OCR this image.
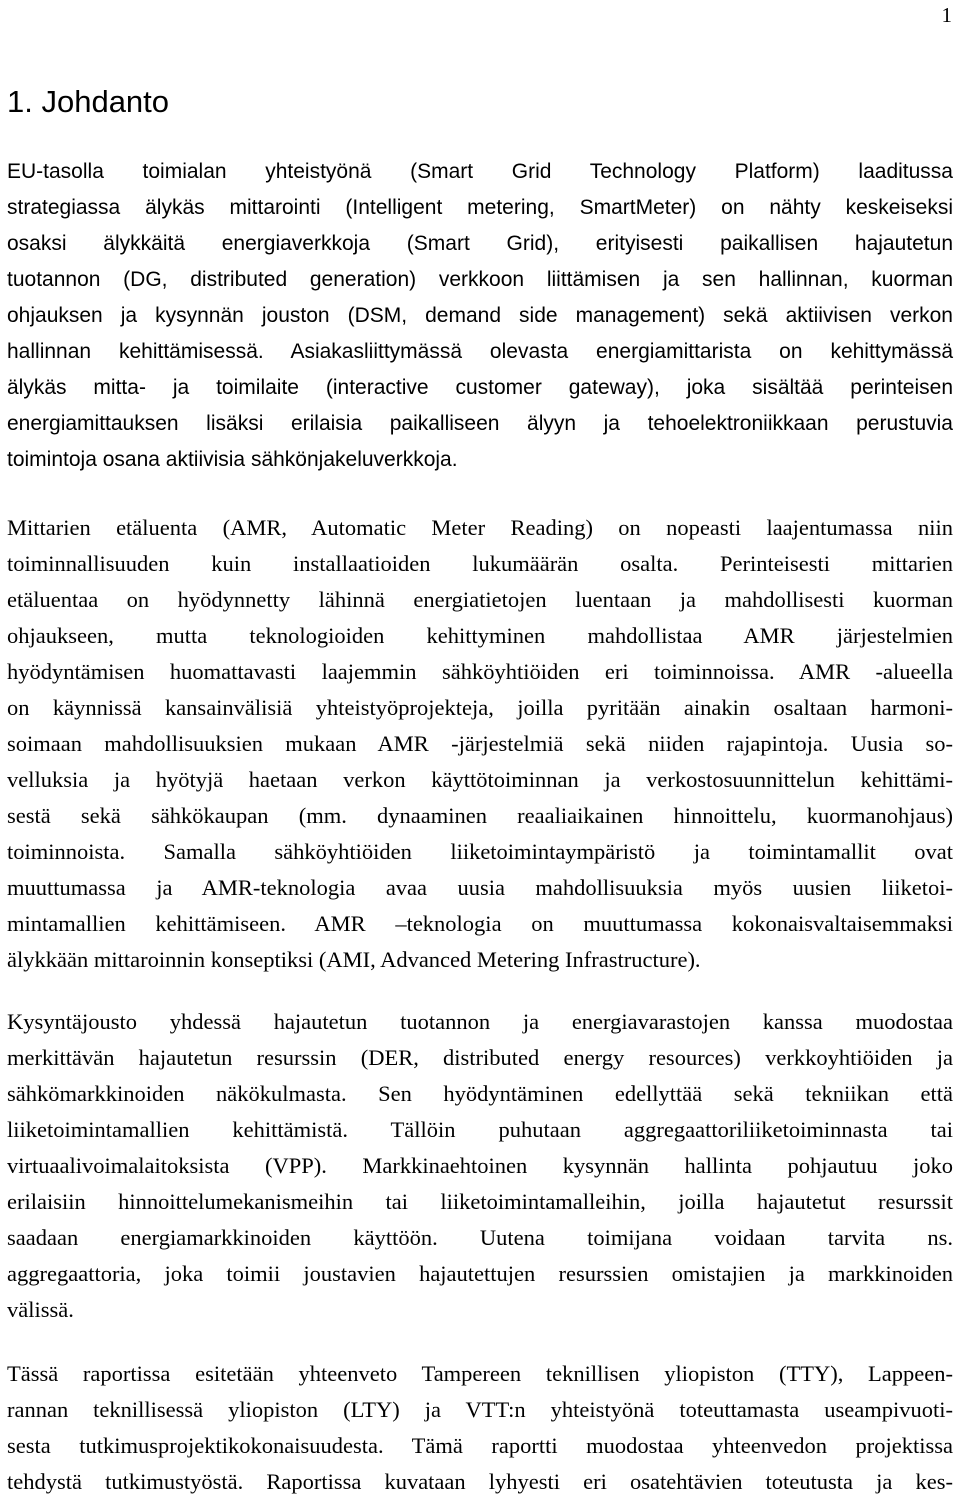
1
1. Johdanto
EU-tasolla toimialan yhteistyönä (Smart Grid Technology Platform) laaditussa
strategiassa älykäs mittarointi (Intelligent metering, SmartMeter) on nähty keskeiseksi
osaksi älykkäitä energiaverkkoja (Smart Grid), erityisesti paikallisen hajautetun
tuotannon (DG, distributed generation) verkkoon liittämisen ja sen hallinnan, kuorman
ohjauksen ja kysynnän jouston (DSM, demand side management) sekä aktiivisen verkon
hallinnan kehittämisessä. Asiakasliittymässä olevasta energiamittarista on kehittymässä
älykäs mitta- ja toimilaite (interactive customer gateway), joka sisältää perinteisen
energiamittauksen lisäksi erilaisia paikalliseen älyyn ja tehoelektroniikkaan perustuvia
toimintoja osana aktiivisia sähkönjakeluverkkoja.
Mittarien etäluenta (AMR, Automatic Meter Reading) on nopeasti laajentumassa niin
toiminnallisuuden kuin installaatioiden lukumäärän osalta. Perinteisesti mittarien
etäluentaa on hyödynnetty lähinnä energiatietojen luentaan ja mahdollisesti kuorman
ohjaukseen, mutta teknologioiden kehittyminen mahdollistaa AMR järjestelmien
hyödyntämisen huomattavasti laajemmin sähköyhtiöiden eri toiminnoissa. AMR -alueella
on käynnissä kansainvälisiä yhteistyöprojekteja, joilla pyritään ainakin osaltaan harmoni-
soimaan mahdollisuuksien mukaan AMR -järjestelmiä sekä niiden rajapintoja. Uusia so-
velluksia ja hyötyjä haetaan verkon käyttötoiminnan ja verkostosuunnittelun kehittämi-
sestä sekä sähkökaupan (mm. dynaaminen reaaliaikainen hinnoittelu, kuormanohjaus)
toiminnoista. Samalla sähköyhtiöiden liiketoimintaympäristö ja toimintamallit ovat
muuttumassa ja AMR-teknologia avaa uusia mahdollisuuksia myös uusien liiketoi-
mintamallien kehittämiseen. AMR –teknologia on muuttumassa kokonaisvaltaisemmaksi
älykkään mittaroinnin konseptiksi (AMI, Advanced Metering Infrastructure).
Kysyntäjousto yhdessä hajautetun tuotannon ja energiavarastojen kanssa muodostaa
merkittävän hajautetun resurssin (DER, distributed energy resources) verkkoyhtiöiden ja
sähkömarkkinoiden näkökulmasta. Sen hyödyntäminen edellyttää sekä tekniikan että
liiketoimintamallien kehittämistä. Tällöin puhutaan aggregaattoriliiketoiminnasta tai
virtuaalivoimalaitoksista (VPP). Markkinaehtoinen kysynnän hallinta pohjautuu joko
erilaisiin hinnoittelumekanismeihin tai liiketoimintamalleihin, joilla hajautetut resurssit
saadaan energiamarkkinoiden käyttöön. Uutena toimijana voidaan tarvita ns.
aggregaattoria, joka toimii joustavien hajautettujen resurssien omistajien ja markkinoiden
välissä.
Tässä raportissa esitetään yhteenveto Tampereen teknillisen yliopiston (TTY), Lappeen-
rannan teknillisessä yliopiston (LTY) ja VTT:n yhteistyönä toteuttamasta useampivuoti-
sesta tutkimusprojektikokonaisuudesta. Tämä raportti muodostaa yhteenvedon projektissa
tehdystä tutkimustyöstä. Raportissa kuvataan lyhyesti eri osatehtävien toteutusta ja kes-
